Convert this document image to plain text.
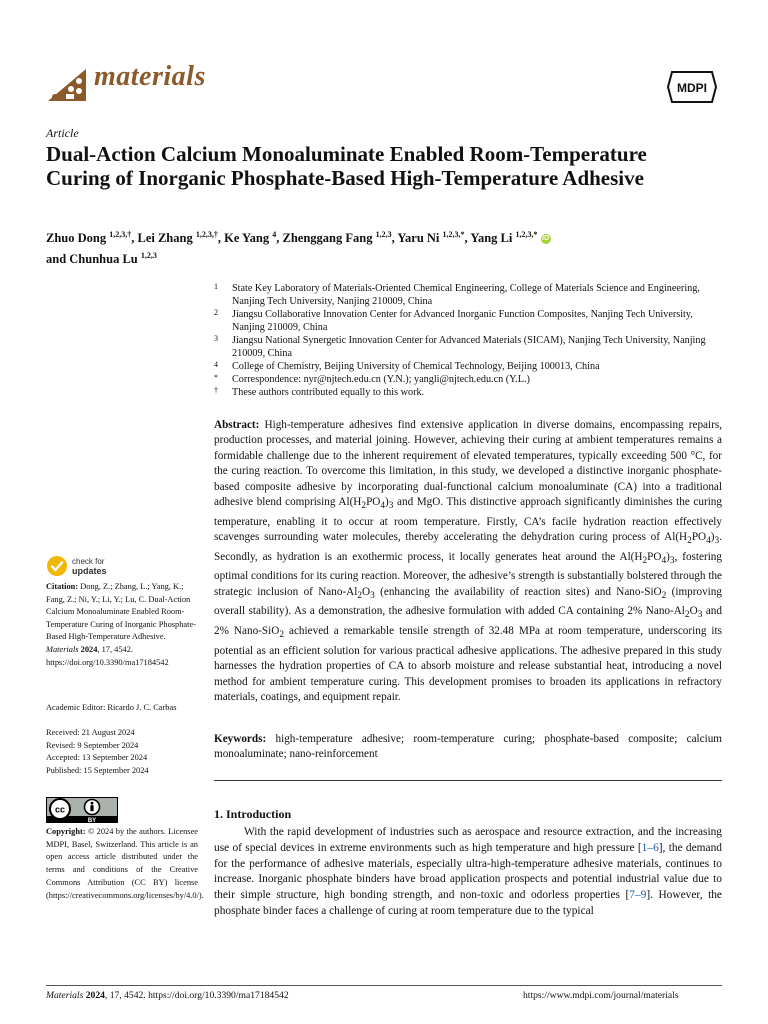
materials	MDPI
Article
Dual-Action Calcium Monoaluminate Enabled Room-Temperature Curing of Inorganic Phosphate-Based High-Temperature Adhesive
Zhuo Dong $^{1,2,3,\dagger}$, Lei Zhang $^{1,2,3,\dagger}$, Ke Yang $^4$, Zhenggang Fang $^{1,2,3}$, Yaru Ni $^{1,2,3,*}$, Yang Li $^{1,2,3,*}$ iD
and Chunhua Lu $^{1,2,3}$
1 State Key Laboratory of Materials-Oriented Chemical Engineering, College of Materials Science and Engineering, Nanjing Tech University, Nanjing 210009, China
2 Jiangsu Collaborative Innovation Center for Advanced Inorganic Function Composites, Nanjing Tech University, Nanjing 210009, China
3 Jiangsu National Synergetic Innovation Center for Advanced Materials (SICAM), Nanjing Tech University, Nanjing 210009, China
4 College of Chemistry, Beijing University of Chemical Technology, Beijing 100013, China
* Correspondence: nyr@njtech.edu.cn (Y.N.); yangli@njtech.edu.cn (Y.L.)
† These authors contributed equally to this work.
Abstract: High-temperature adhesives find extensive application in diverse domains, encompassing repairs, production processes, and material joining. However, achieving their curing at ambient temperatures remains a formidable challenge due to the inherent requirement of elevated temperatures, typically exceeding 500 °C, for the curing reaction. To overcome this limitation, in this study, we developed a distinctive inorganic phosphate-based composite adhesive by incorporating dual-functional calcium monoaluminate (CA) into a traditional adhesive blend comprising $Al(H_2PO_4)_3$ and MgO. This distinctive approach significantly diminishes the curing temperature, enabling it to occur at room temperature. Firstly, CA’s facile hydration reaction effectively scavenges surrounding water molecules, thereby accelerating the dehydration curing process of $Al(H_2PO_4)_3$. Secondly, as hydration is an exothermic process, it locally generates heat around the $Al(H_2PO_4)_3$, fostering optimal conditions for its curing reaction. Moreover, the adhesive’s strength is substantially bolstered through the strategic inclusion of Nano-$Al_2O_3$ (enhancing the availability of reaction sites) and Nano-SiO$_2$ (improving overall stability). As a demonstration, the adhesive formulation with added CA containing 2% Nano-$Al_2O_3$ and 2% Nano-SiO$_2$ achieved a remarkable tensile strength of 32.48 MPa at room temperature, underscoring its potential as an efficient solution for various practical adhesive applications. The adhesive prepared in this study harnesses the hydration properties of CA to absorb moisture and release substantial heat, introducing a novel method for ambient temperature curing. This development promises to broaden its applications in refractory materials, coatings, and equipment repair.
Keywords: high-temperature adhesive; room-temperature curing; phosphate-based composite; calcium monoaluminate; nano-reinforcement
1. Introduction
With the rapid development of industries such as aerospace and resource extraction, and the increasing use of special devices in extreme environments such as high temperature and high pressure [1–6], the demand for the performance of adhesive materials, especially ultra-high-temperature adhesive materials, continues to increase. Inorganic phosphate binders have broad application prospects and potential industrial value due to their simple structure, high bonding strength, and non-toxic and odorless properties [7–9]. However, the phosphate binder faces a challenge of curing at room temperature due to the typical
check for
updates
Citation: Dong, Z.; Zhang, L.; Yang, K.; Fang, Z.; Ni, Y.; Li, Y.; Lu, C. Dual-Action Calcium Monoaluminate Enabled Room-Temperature Curing of Inorganic Phosphate-Based High-Temperature Adhesive. Materials 2024, 17, 4542. https://doi.org/10.3390/ma17184542
Academic Editor: Ricardo J. C. Carbas
Received: 21 August 2024
Revised: 9 September 2024
Accepted: 13 September 2024
Published: 15 September 2024
cc
BY
Copyright: © 2024 by the authors. Licensee MDPI, Basel, Switzerland. This article is an open access article distributed under the terms and conditions of the Creative Commons Attribution (CC BY) license (https://creativecommons.org/licenses/by/4.0/).
Materials 2024, 17, 4542. https://doi.org/10.3390/ma17184542	https://www.mdpi.com/journal/materials
